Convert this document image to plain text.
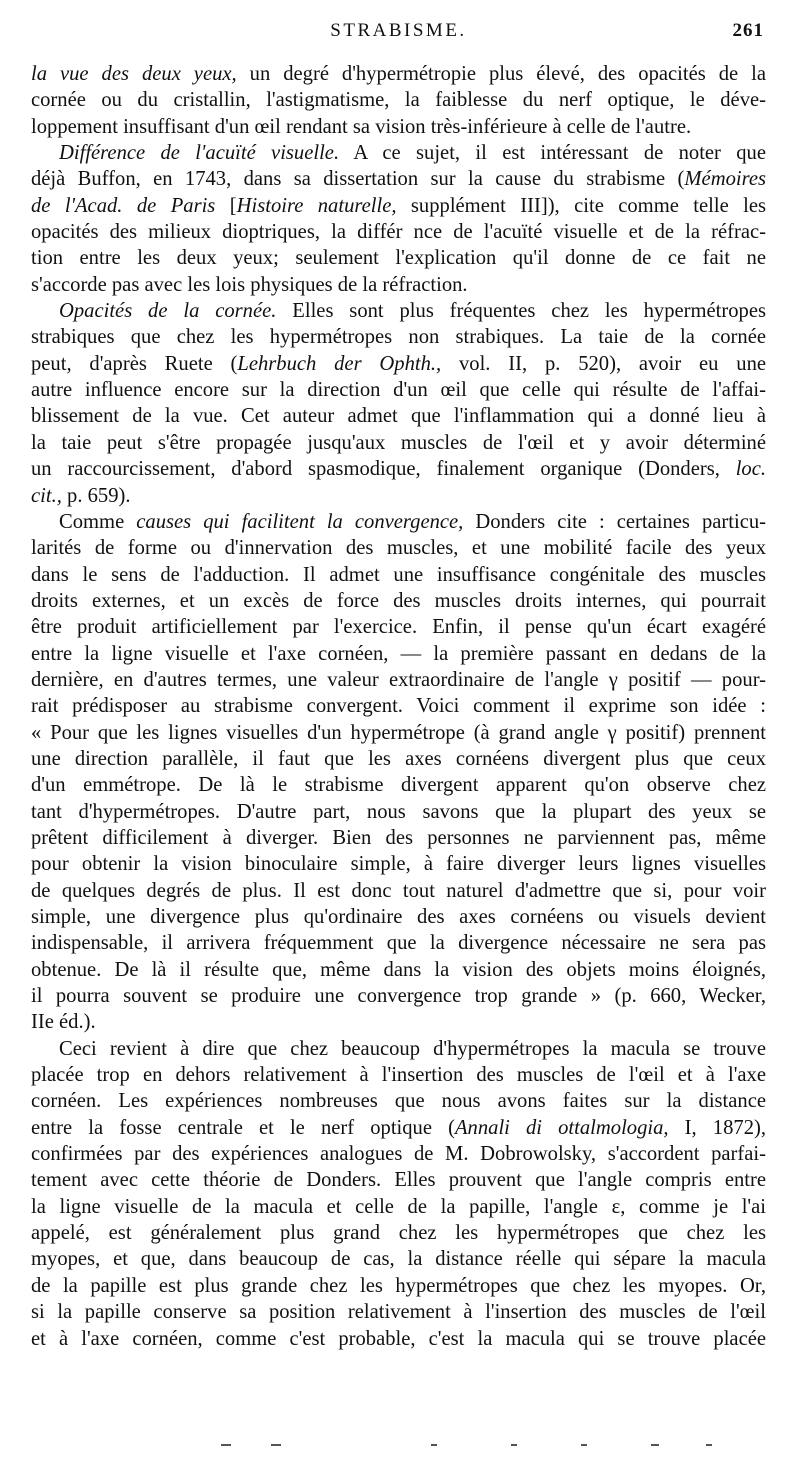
STRABISME.	261
la vue des deux yeux, un degré d'hypermétropie plus élevé, des opacités de la
cornée ou du cristallin, l'astigmatisme, la faiblesse du nerf optique, le déve-
loppement insuffisant d'un œil rendant sa vision très-inférieure à celle de l'autre.
Différence de l'acuïté visuelle. A ce sujet, il est intéressant de noter que
déjà Buffon, en 1743, dans sa dissertation sur la cause du strabisme (Mémoires
de l'Acad. de Paris [Histoire naturelle, supplément III]), cite comme telle les
opacités des milieux dioptriques, la différ nce de l'acuïté visuelle et de la réfrac-
tion entre les deux yeux; seulement l'explication qu'il donne de ce fait ne
s'accorde pas avec les lois physiques de la réfraction.
Opacités de la cornée. Elles sont plus fréquentes chez les hypermétropes
strabiques que chez les hypermétropes non strabiques. La taie de la cornée
peut, d'après Ruete (Lehrbuch der Ophth., vol. II, p. 520), avoir eu une
autre influence encore sur la direction d'un œil que celle qui résulte de l'affai-
blissement de la vue. Cet auteur admet que l'inflammation qui a donné lieu à
la taie peut s'être propagée jusqu'aux muscles de l'œil et y avoir déterminé
un raccourcissement, d'abord spasmodique, finalement organique (Donders, loc.
cit., p. 659).
Comme causes qui facilitent la convergence, Donders cite : certaines particu-
larités de forme ou d'innervation des muscles, et une mobilité facile des yeux
dans le sens de l'adduction. Il admet une insuffisance congénitale des muscles
droits externes, et un excès de force des muscles droits internes, qui pourrait
être produit artificiellement par l'exercice. Enfin, il pense qu'un écart exagéré
entre la ligne visuelle et l'axe cornéen, — la première passant en dedans de la
dernière, en d'autres termes, une valeur extraordinaire de l'angle γ positif — pour-
rait prédisposer au strabisme convergent. Voici comment il exprime son idée :
« Pour que les lignes visuelles d'un hypermétrope (à grand angle γ positif) prennent
une direction parallèle, il faut que les axes cornéens divergent plus que ceux
d'un emmétrope. De là le strabisme divergent apparent qu'on observe chez
tant d'hypermétropes. D'autre part, nous savons que la plupart des yeux se
prêtent difficilement à diverger. Bien des personnes ne parviennent pas, même
pour obtenir la vision binoculaire simple, à faire diverger leurs lignes visuelles
de quelques degrés de plus. Il est donc tout naturel d'admettre que si, pour voir
simple, une divergence plus qu'ordinaire des axes cornéens ou visuels devient
indispensable, il arrivera fréquemment que la divergence nécessaire ne sera pas
obtenue. De là il résulte que, même dans la vision des objets moins éloignés,
il pourra souvent se produire une convergence trop grande » (p. 660, Wecker,
IIe éd.).
Ceci revient à dire que chez beaucoup d'hypermétropes la macula se trouve
placée trop en dehors relativement à l'insertion des muscles de l'œil et à l'axe
cornéen. Les expériences nombreuses que nous avons faites sur la distance
entre la fosse centrale et le nerf optique (Annali di ottalmologia, I, 1872),
confirmées par des expériences analogues de M. Dobrowolsky, s'accordent parfai-
tement avec cette théorie de Donders. Elles prouvent que l'angle compris entre
la ligne visuelle de la macula et celle de la papille, l'angle ε, comme je l'ai
appelé, est généralement plus grand chez les hypermétropes que chez les
myopes, et que, dans beaucoup de cas, la distance réelle qui sépare la macula
de la papille est plus grande chez les hypermétropes que chez les myopes. Or,
si la papille conserve sa position relativement à l'insertion des muscles de l'œil
et à l'axe cornéen, comme c'est probable, c'est la macula qui se trouve placée
